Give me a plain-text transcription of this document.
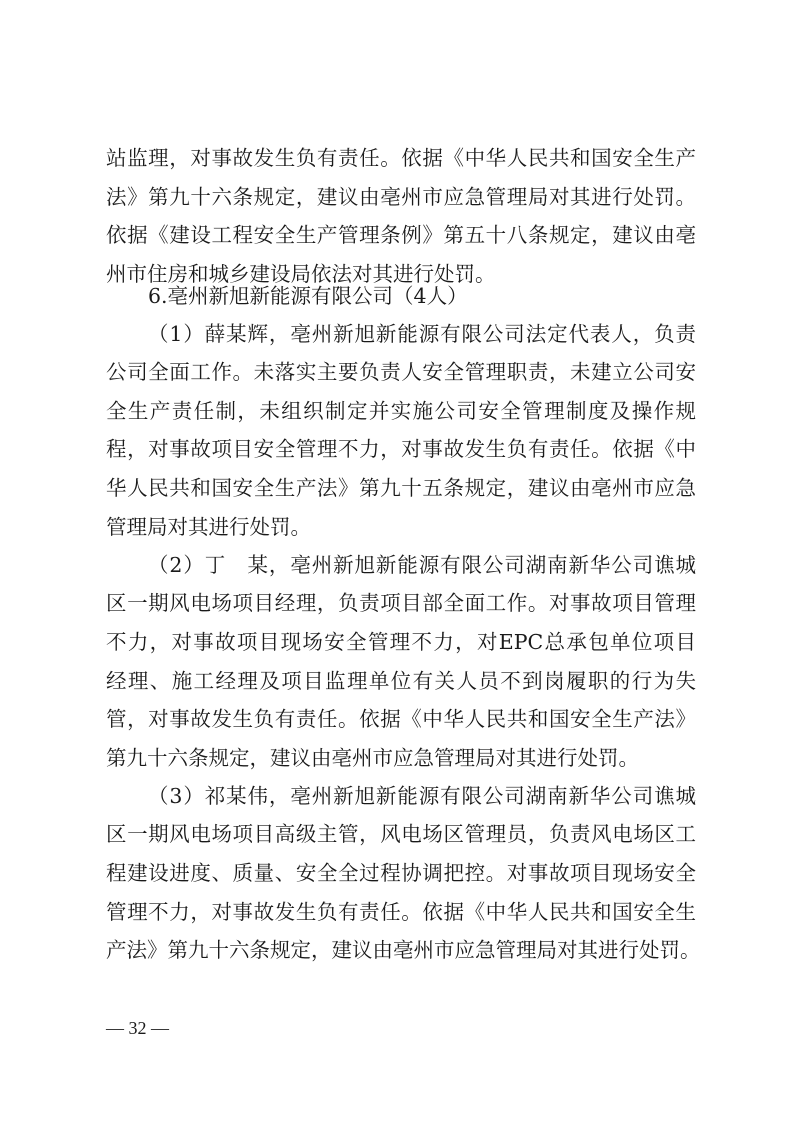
站监理，对事故发生负有责任。依据《中华人民共和国安全生产
法》第九十六条规定，建议由亳州市应急管理局对其进行处罚。
依据《建设工程安全生产管理条例》第五十八条规定，建议由亳
州市住房和城乡建设局依法对其进行处罚。
6.亳州新旭新能源有限公司（4人）
（1）薛某辉，亳州新旭新能源有限公司法定代表人，负责
公司全面工作。未落实主要负责人安全管理职责，未建立公司安
全生产责任制，未组织制定并实施公司安全管理制度及操作规
程，对事故项目安全管理不力，对事故发生负有责任。依据《中
华人民共和国安全生产法》第九十五条规定，建议由亳州市应急
管理局对其进行处罚。
（2）丁　某，亳州新旭新能源有限公司湖南新华公司谯城
区一期风电场项目经理，负责项目部全面工作。对事故项目管理
不力，对事故项目现场安全管理不力，对EPC总承包单位项目
经理、施工经理及项目监理单位有关人员不到岗履职的行为失
管，对事故发生负有责任。依据《中华人民共和国安全生产法》
第九十六条规定，建议由亳州市应急管理局对其进行处罚。
（3）祁某伟，亳州新旭新能源有限公司湖南新华公司谯城
区一期风电场项目高级主管，风电场区管理员，负责风电场区工
程建设进度、质量、安全全过程协调把控。对事故项目现场安全
管理不力，对事故发生负有责任。依据《中华人民共和国安全生
产法》第九十六条规定，建议由亳州市应急管理局对其进行处罚。
— 32 —
